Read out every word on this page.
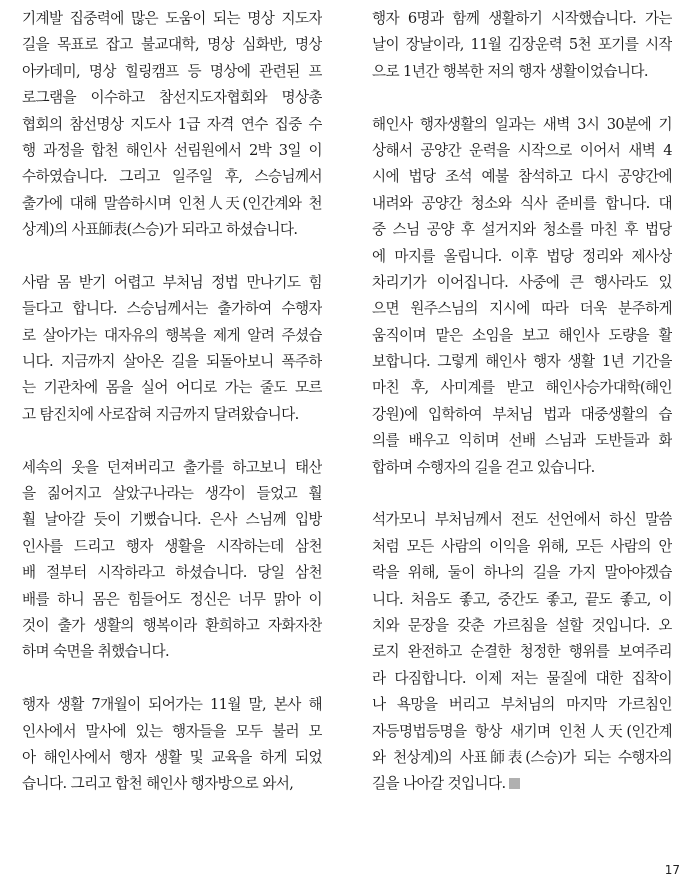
기계발 집중력에 많은 도움이 되는 명상 지도자
길을 목표로 잡고 불교대학, 명상 심화반, 명상
아카데미, 명상 힐링캠프 등 명상에 관련된 프
로그램을 이수하고 참선지도자협회와 명상총
협회의 참선명상 지도사 1급 자격 연수 집중 수
행 과정을 합천 해인사 선림원에서 2박 3일 이
수하였습니다. 그리고 일주일 후, 스승님께서
출가에 대해 말씀하시며 인천人天(인간계와 천
상계)의 사표師表(스승)가 되라고 하셨습니다.
사람 몸 받기 어렵고 부처님 정법 만나기도 힘
들다고 합니다. 스승님께서는 출가하여 수행자
로 살아가는 대자유의 행복을 제게 알려 주셨습
니다. 지금까지 살아온 길을 되돌아보니 폭주하
는 기관차에 몸을 실어 어디로 가는 줄도 모르
고 탐진치에 사로잡혀 지금까지 달려왔습니다.
세속의 옷을 던져버리고 출가를 하고보니 태산
을 짊어지고 살았구나라는 생각이 들었고 훨
훨 날아갈 듯이 기뻤습니다. 은사 스님께 입방
인사를 드리고 행자 생활을 시작하는데 삼천
배 절부터 시작하라고 하셨습니다. 당일 삼천
배를 하니 몸은 힘들어도 정신은 너무 맑아 이
것이 출가 생활의 행복이라 환희하고 자화자찬
하며 숙면을 취했습니다.
행자 생활 7개월이 되어가는 11월 말, 본사 해
인사에서 말사에 있는 행자들을 모두 불러 모
아 해인사에서 행자 생활 및 교육을 하게 되었
습니다. 그리고 합천 해인사 행자방으로 와서,
행자 6명과 함께 생활하기 시작했습니다. 가는
날이 장날이라, 11월 김장운력 5천 포기를 시작
으로 1년간 행복한 저의 행자 생활이었습니다.
해인사 행자생활의 일과는 새벽 3시 30분에 기
상해서 공양간 운력을 시작으로 이어서 새벽 4
시에 법당 조석 예불 참석하고 다시 공양간에
내려와 공양간 청소와 식사 준비를 합니다. 대
중 스님 공양 후 설거지와 청소를 마친 후 법당
에 마지를 올립니다. 이후 법당 정리와 제사상
차리기가 이어집니다. 사중에 큰 행사라도 있
으면 원주스님의 지시에 따라 더욱 분주하게
움직이며 맡은 소임을 보고 해인사 도량을 활
보합니다. 그렇게 해인사 행자 생활 1년 기간을
마친 후, 사미계를 받고 해인사승가대학(해인
강원)에 입학하여 부처님 법과 대중생활의 습
의를 배우고 익히며 선배 스님과 도반들과 화
합하며 수행자의 길을 걷고 있습니다.
석가모니 부처님께서 전도 선언에서 하신 말씀
처럼 모든 사람의 이익을 위해, 모든 사람의 안
락을 위해, 둘이 하나의 길을 가지 말아야겠습
니다. 처음도 좋고, 중간도 좋고, 끝도 좋고, 이
치와 문장을 갖춘 가르침을 설할 것입니다. 오
로지 완전하고 순결한 청정한 행위를 보여주리
라 다짐합니다. 이제 저는 물질에 대한 집착이
나 욕망을 버리고 부처님의 마지막 가르침인
자등명법등명을 항상 새기며 인천人天(인간계
와 천상계)의 사표師表(스승)가 되는 수행자의
길을 나아갈 것입니다.
17
